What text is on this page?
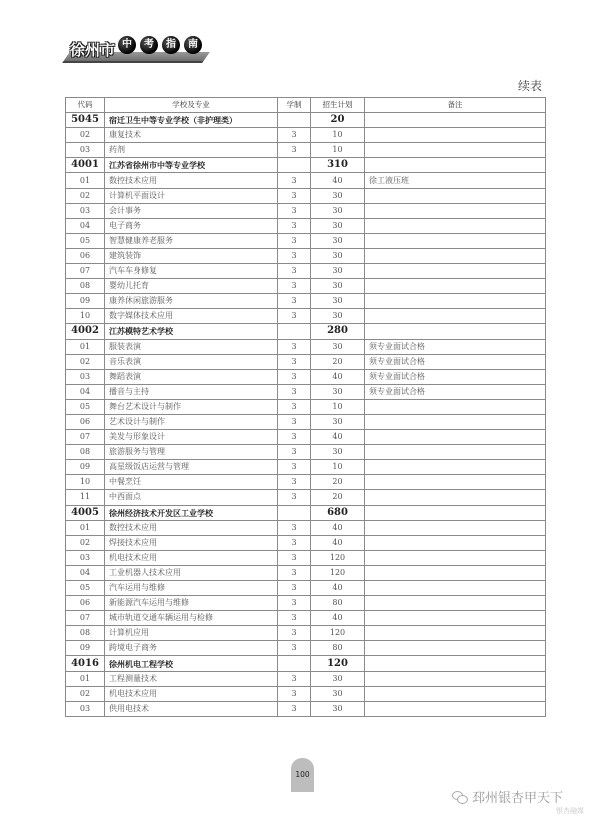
徐州市 中	考	指	南
续表
代码	学校及专业	学制	招生计划	备注
5045	宿迁卫生中等专业学校（非护理类）		20	
02	康复技术	3	10	
03	药剂	3	10	
4001	江苏省徐州市中等专业学校		310	
01	数控技术应用	3	40	徐工液压班
02	计算机平面设计	3	30	
03	会计事务	3	30	
04	电子商务	3	30	
05	智慧健康养老服务	3	30	
06	建筑装饰	3	30	
07	汽车车身修复	3	30	
08	婴幼儿托育	3	30	
09	康养休闲旅游服务	3	30	
10	数字媒体技术应用	3	30	
4002	江苏模特艺术学校		280	
01	服装表演	3	30	须专业面试合格
02	音乐表演	3	20	须专业面试合格
03	舞蹈表演	3	40	须专业面试合格
04	播音与主持	3	30	须专业面试合格
05	舞台艺术设计与制作	3	10	
06	艺术设计与制作	3	30	
07	美发与形象设计	3	40	
08	旅游服务与管理	3	30	
09	高星级饭店运营与管理	3	10	
10	中餐烹饪	3	20	
11	中西面点	3	20	
4005	徐州经济技术开发区工业学校		680	
01	数控技术应用	3	40	
02	焊接技术应用	3	40	
03	机电技术应用	3	120	
04	工业机器人技术应用	3	120	
05	汽车运用与维修	3	40	
06	新能源汽车运用与维修	3	80	
07	城市轨道交通车辆运用与检修	3	40	
08	计算机应用	3	120	
09	跨境电子商务	3	80	
4016	徐州机电工程学校		120	
01	工程测量技术	3	30	
02	机电技术应用	3	30	
03	供用电技术	3	30	
100
邳州银杏甲天下
银杏融媒
